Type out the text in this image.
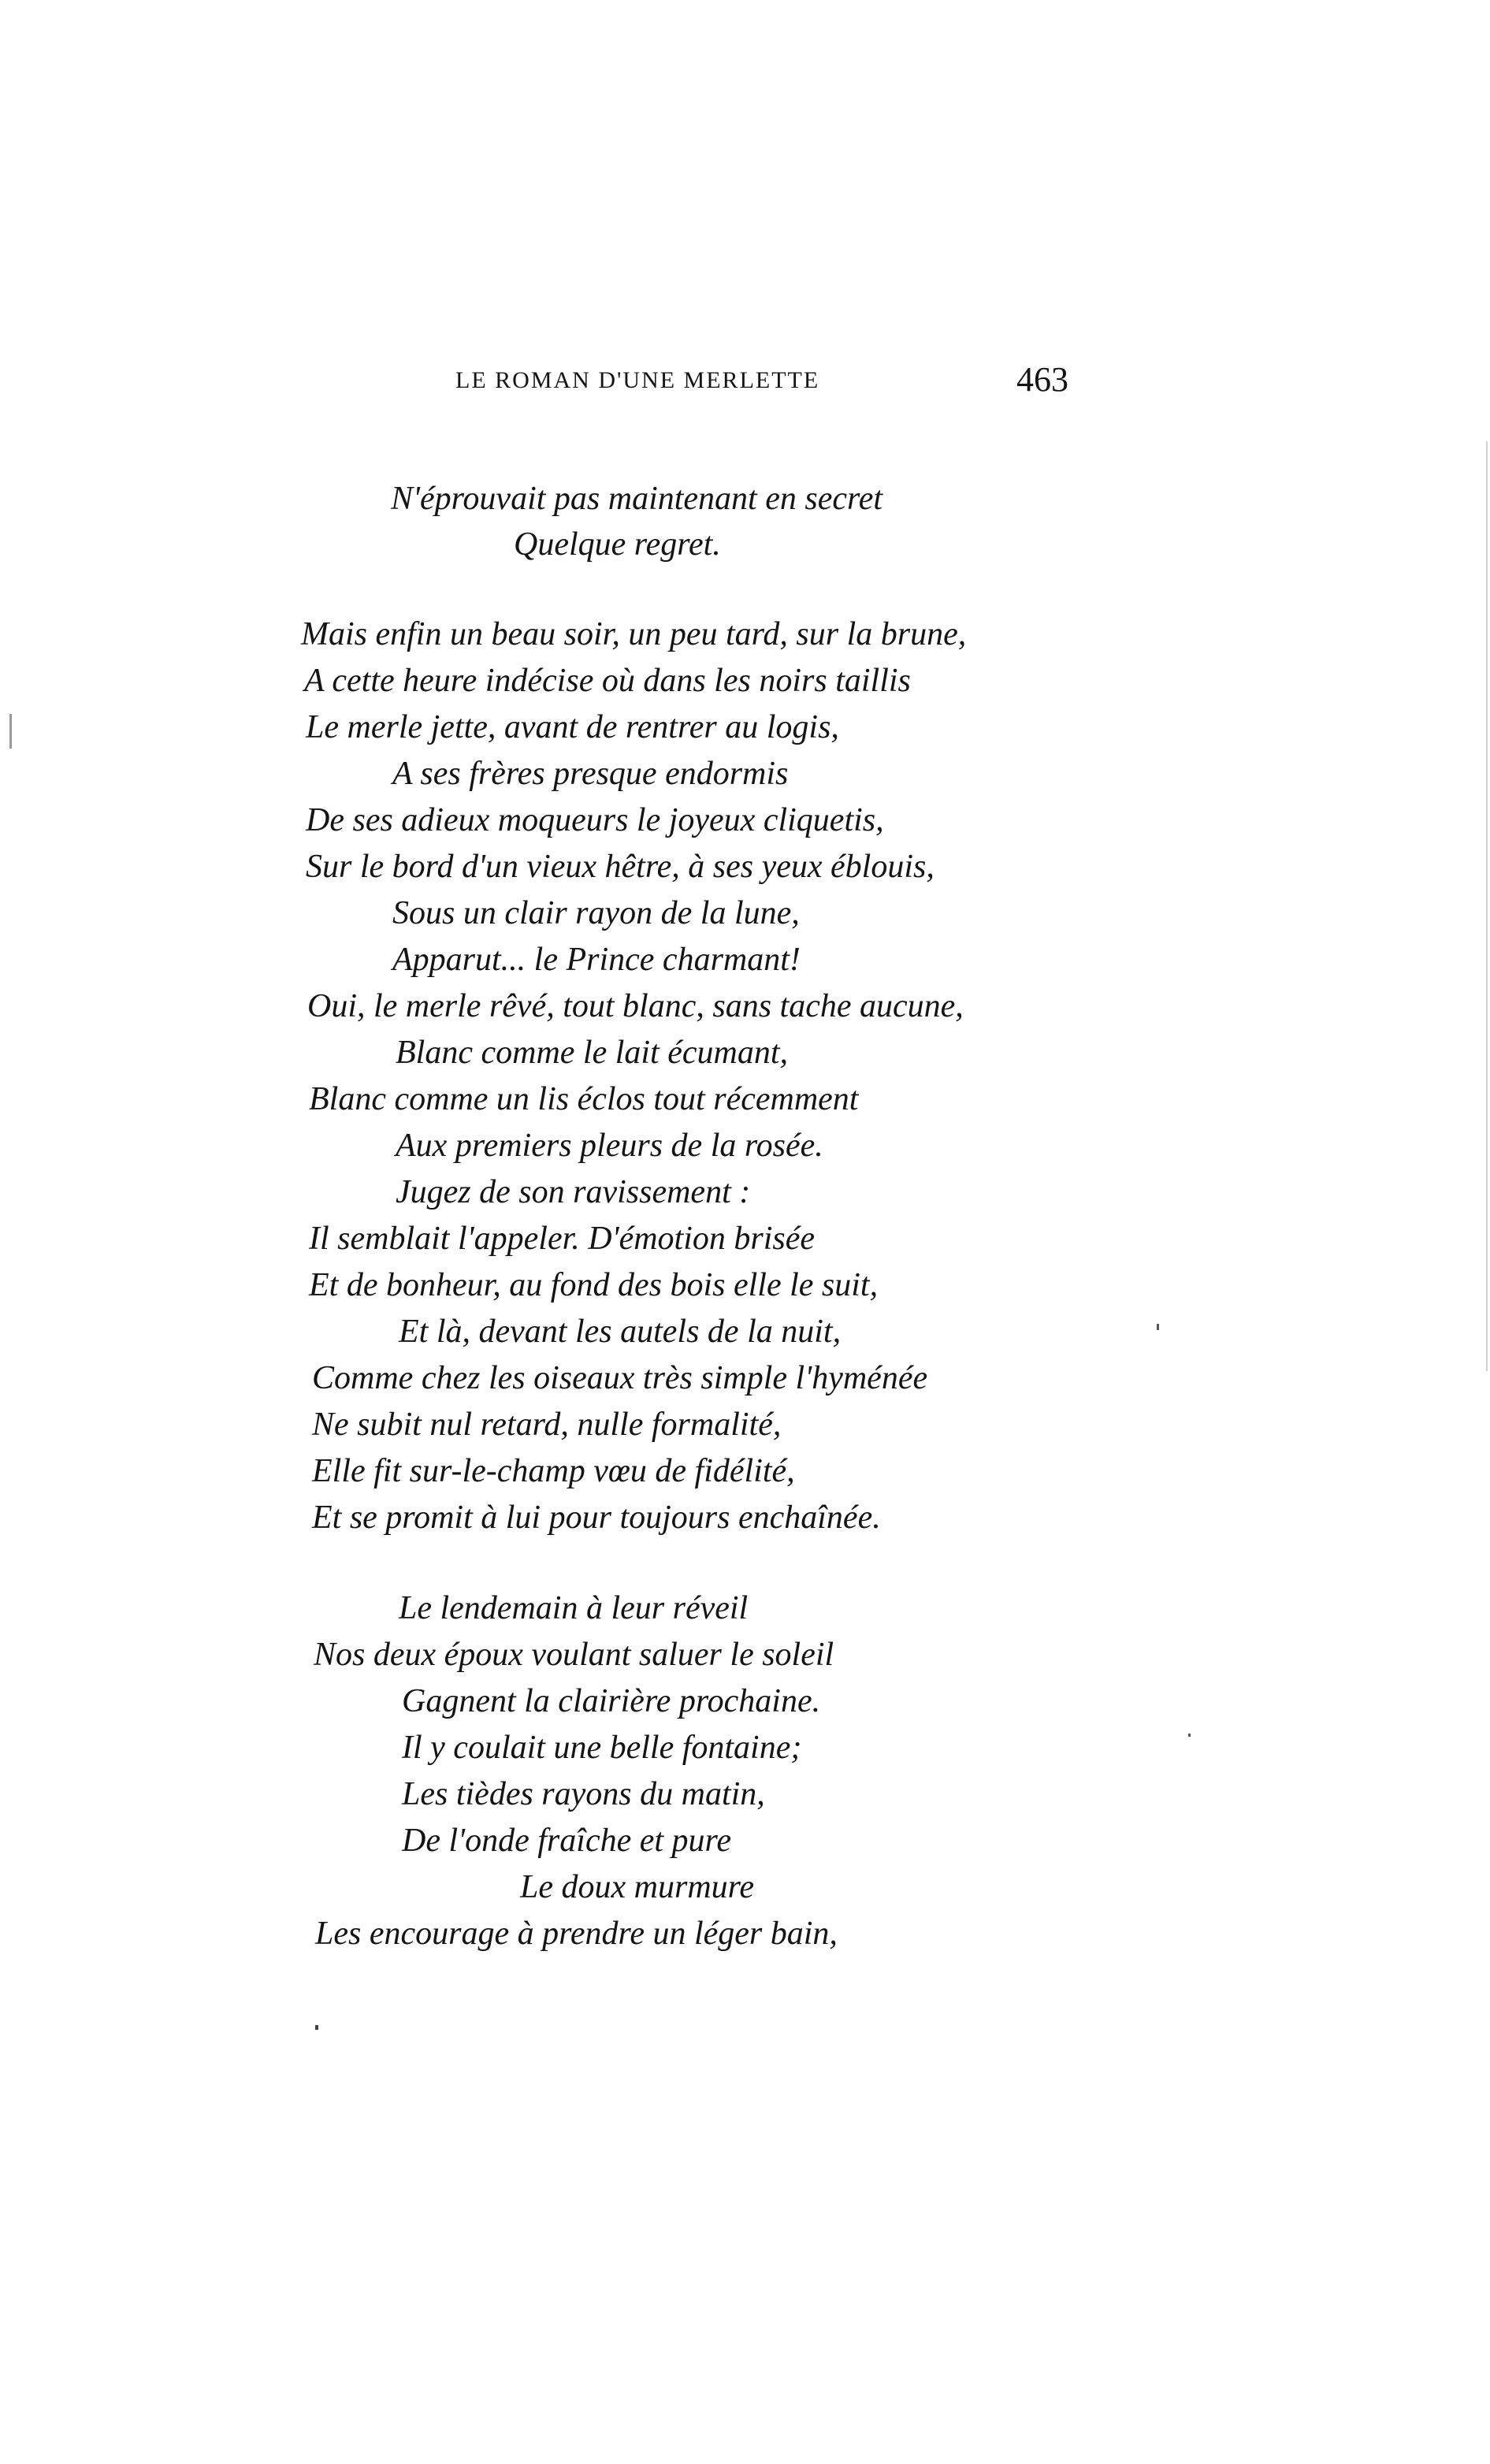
LE ROMAN D'UNE MERLETTE	463
N'éprouvait pas maintenant en secret
Quelque regret.
Mais enfin un beau soir, un peu tard, sur la brune,
A cette heure indécise où dans les noirs taillis
Le merle jette, avant de rentrer au logis,
A ses frères presque endormis
De ses adieux moqueurs le joyeux cliquetis,
Sur le bord d'un vieux hêtre, à ses yeux éblouis,
Sous un clair rayon de la lune,
Apparut... le Prince charmant!
Oui, le merle rêvé, tout blanc, sans tache aucune,
Blanc comme le lait écumant,
Blanc comme un lis éclos tout récemment
Aux premiers pleurs de la rosée.
Jugez de son ravissement :
Il semblait l'appeler. D'émotion brisée
Et de bonheur, au fond des bois elle le suit,
Et là, devant les autels de la nuit,
Comme chez les oiseaux très simple l'hyménée
Ne subit nul retard, nulle formalité,
Elle fit sur-le-champ vœu de fidélité,
Et se promit à lui pour toujours enchaînée.
Le lendemain à leur réveil
Nos deux époux voulant saluer le soleil
Gagnent la clairière prochaine.
Il y coulait une belle fontaine;
Les tièdes rayons du matin,
De l'onde fraîche et pure
Le doux murmure
Les encourage à prendre un léger bain,
